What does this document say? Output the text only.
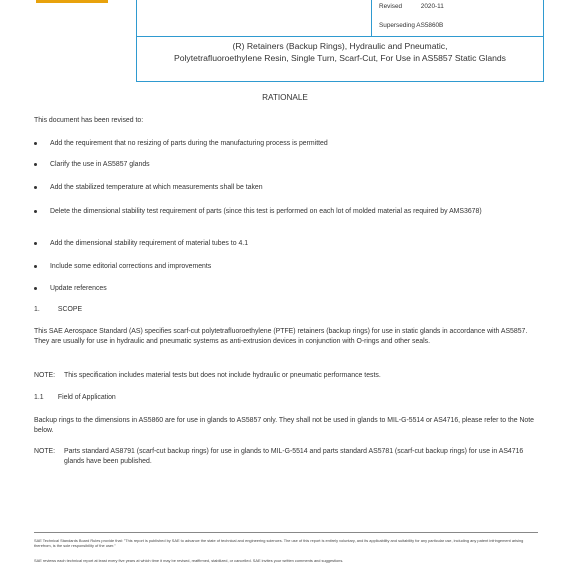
Revised	2020-11
Superseding AS5860B
(R) Retainers (Backup Rings), Hydraulic and Pneumatic,
Polytetrafluoroethylene Resin, Single Turn, Scarf-Cut, For Use in AS5857 Static Glands
RATIONALE
This document has been revised to:
Add the requirement that no resizing of parts during the manufacturing process is permitted
Clarify the use in AS5857 glands
Add the stabilized temperature at which measurements shall be taken
Delete the dimensional stability test requirement of parts (since this test is performed on each lot of molded material as required by AMS3678)
Add the dimensional stability requirement of material tubes to 4.1
Include some editorial corrections and improvements
Update references
1.	SCOPE
This SAE Aerospace Standard (AS) specifies scarf-cut polytetrafluoroethylene (PTFE) retainers (backup rings) for use in static glands in accordance with AS5857. They are usually for use in hydraulic and pneumatic systems as anti-extrusion devices in conjunction with O-rings and other seals.
NOTE: This specification includes material tests but does not include hydraulic or pneumatic performance tests.
1.1 Field of Application
Backup rings to the dimensions in AS5860 are for use in glands to AS5857 only. They shall not be used in glands to MIL-G-5514 or AS4716, please refer to the Note below.
NOTE: Parts standard AS8791 (scarf-cut backup rings) for use in glands to MIL-G-5514 and parts standard AS5781 (scarf-cut backup rings) for use in AS4716 glands have been published.
SAE Technical Standards Board Rules provide that: "This report is published by SAE to advance the state of technical and engineering sciences. The use of this report is entirely voluntary, and its applicability and suitability for any particular use, including any patent infringement arising therefrom, is the sole responsibility of the user."
SAE reviews each technical report at least every five years at which time it may be revised, reaffirmed, stabilized, or cancelled. SAE invites your written comments and suggestions.
